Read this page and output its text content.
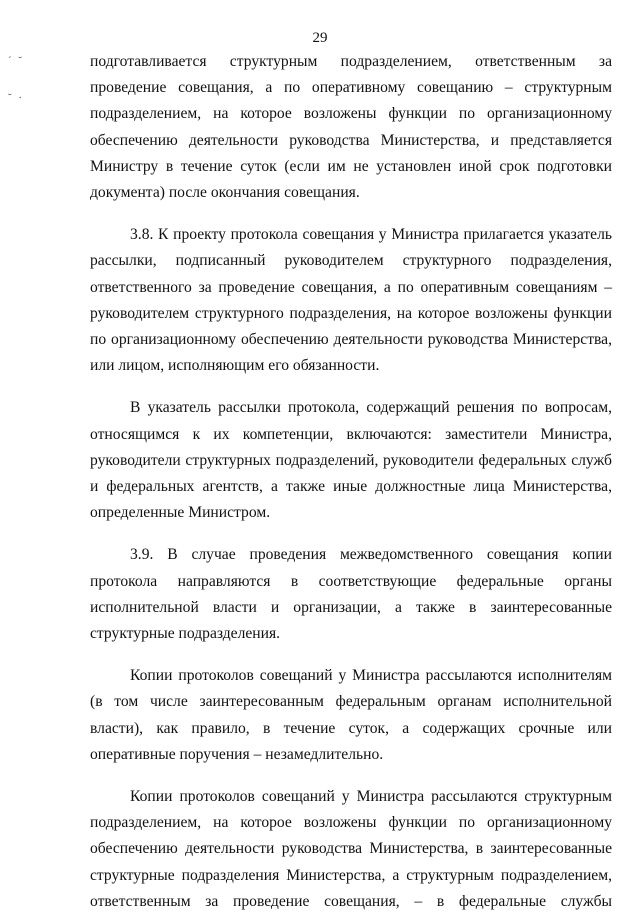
29
´ ˘
˘ ·

подготавливается структурным подразделением, ответственным за проведение совещания, а по оперативному совещанию – структурным подразделением, на которое возложены функции по организационному обеспечению деятельности руководства Министерства, и представляется Министру в течение суток (если им не установлен иной срок подготовки документа) после окончания совещания.

3.8. К проекту протокола совещания у Министра прилагается указатель рассылки, подписанный руководителем структурного подразделения, ответственного за проведение совещания, а по оперативным совещаниям – руководителем структурного подразделения, на которое возложены функции по организационному обеспечению деятельности руководства Министерства, или лицом, исполняющим его обязанности.

В указатель рассылки протокола, содержащий решения по вопросам, относящимся к их компетенции, включаются: заместители Министра, руководители структурных подразделений, руководители федеральных служб и федеральных агентств, а также иные должностные лица Министерства, определенные Министром.

3.9. В случае проведения межведомственного совещания копии протокола направляются в соответствующие федеральные органы исполнительной власти и организации, а также в заинтересованные структурные подразделения.

Копии протоколов совещаний у Министра рассылаются исполнителям (в том числе заинтересованным федеральным органам исполнительной власти), как правило, в течение суток, а содержащих срочные или оперативные поручения – незамедлительно.

Копии протоколов совещаний у Министра рассылаются структурным подразделением, на которое возложены функции по организационному обеспечению деятельности руководства Министерства, в заинтересованные структурные подразделения Министерства, а структурным подразделением, ответственным за проведение совещания, – в федеральные службы
